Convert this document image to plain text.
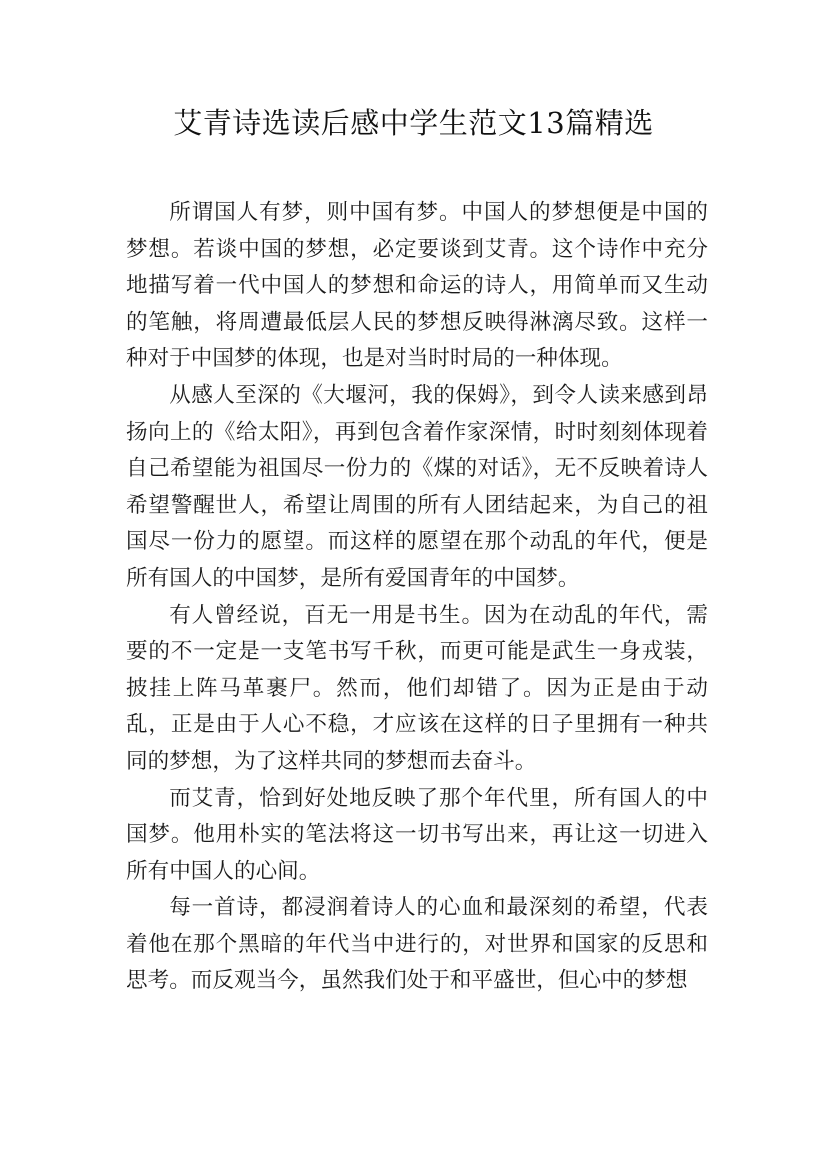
艾青诗选读后感中学生范文13篇精选

所谓国人有梦，则中国有梦。中国人的梦想便是中国的梦想。若谈中国的梦想，必定要谈到艾青。这个诗作中充分地描写着一代中国人的梦想和命运的诗人，用简单而又生动的笔触，将周遭最低层人民的梦想反映得淋漓尽致。这样一种对于中国梦的体现，也是对当时时局的一种体现。

从感人至深的《大堰河，我的保姆》，到令人读来感到昂扬向上的《给太阳》，再到包含着作家深情，时时刻刻体现着自己希望能为祖国尽一份力的《煤的对话》，无不反映着诗人希望警醒世人，希望让周围的所有人团结起来，为自己的祖国尽一份力的愿望。而这样的愿望在那个动乱的年代，便是所有国人的中国梦，是所有爱国青年的中国梦。

有人曾经说，百无一用是书生。因为在动乱的年代，需要的不一定是一支笔书写千秋，而更可能是武生一身戎装，披挂上阵马革裹尸。然而，他们却错了。因为正是由于动乱，正是由于人心不稳，才应该在这样的日子里拥有一种共同的梦想，为了这样共同的梦想而去奋斗。

而艾青，恰到好处地反映了那个年代里，所有国人的中国梦。他用朴实的笔法将这一切书写出来，再让这一切进入所有中国人的心间。

每一首诗，都浸润着诗人的心血和最深刻的希望，代表着他在那个黑暗的年代当中进行的，对世界和国家的反思和思考。而反观当今，虽然我们处于和平盛世，但心中的梦想
